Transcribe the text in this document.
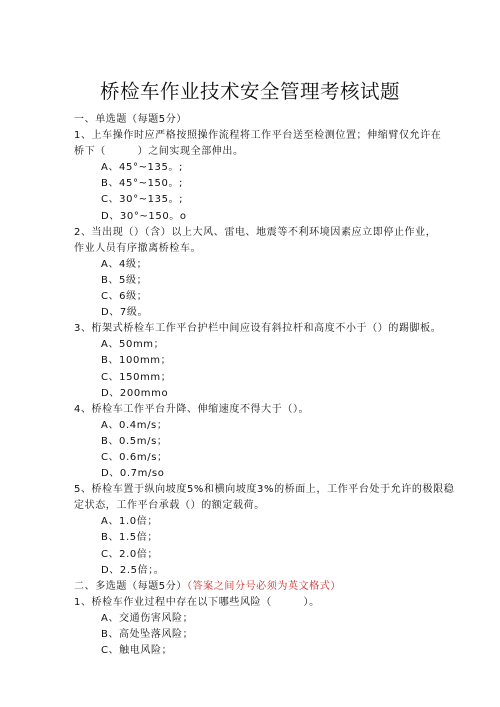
桥检车作业技术安全管理考核试题
一、单选题（每题5分）
1、上车操作时应严格按照操作流程将工作平台送至检测位置；伸缩臂仅允许在
桥下（　　　）之间实现全部伸出。
A、45°~135。;
B、45°~150。;
C、30°~135。;
D、30°~150。o
2、当出现（）（含）以上大风、雷电、地震等不利环境因素应立即停止作业，
作业人员有序撤离桥检车。
A、4级；
B、5级；
C、6级；
D、7级。
3、桁架式桥检车工作平台护栏中间应设有斜拉杆和高度不小于（）的踢脚板。
A、50mm；
B、100mm；
C、150mm；
D、200mmo
4、桥检车工作平台升降、伸缩速度不得大于（）。
A、0.4m/s；
B、0.5m/s；
C、0.6m/s；
D、0.7m/so
5、桥检车置于纵向坡度5%和横向坡度3%的桥面上，工作平台处于允许的极限稳
定状态，工作平台承载（）的额定载荷。
A、1.0倍；
B、1.5倍；
C、2.0倍；
D、2.5倍；。
二、多选题（每题5分）（答案之间分号必须为英文格式）
1、桥检车作业过程中存在以下哪些风险（　　　）。
A、交通伤害风险；
B、高处坠落风险；
C、触电风险；
